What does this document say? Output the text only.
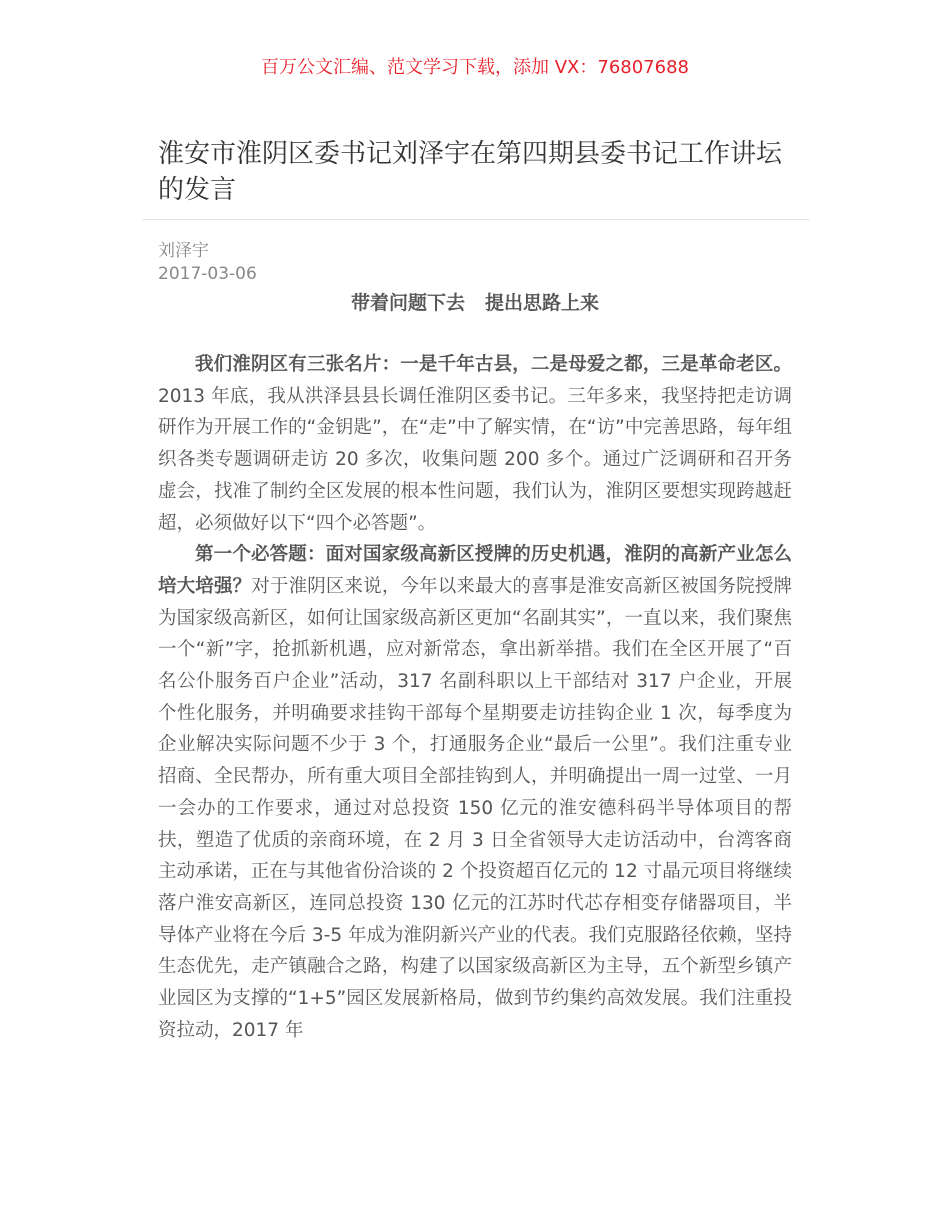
百万公文汇编、范文学习下载，添加 VX：76807688
淮安市淮阴区委书记刘泽宇在第四期县委书记工作讲坛的发言
刘泽宇
2017-03-06
带着问题下去 提出思路上来

我们淮阴区有三张名片：一是千年古县，二是母爱之都，三是革命老区。2013 年底，我从洪泽县县长调任淮阴区委书记。三年多来，我坚持把走访调研作为开展工作的“金钥匙”，在“走”中了解实情，在“访”中完善思路，每年组织各类专题调研走访 20 多次，收集问题 200 多个。通过广泛调研和召开务虚会，找准了制约全区发展的根本性问题，我们认为，淮阴区要想实现跨越赶超，必须做好以下“四个必答题”。

第一个必答题：面对国家级高新区授牌的历史机遇，淮阴的高新产业怎么培大培强？对于淮阴区来说，今年以来最大的喜事是淮安高新区被国务院授牌为国家级高新区，如何让国家级高新区更加“名副其实”，一直以来，我们聚焦一个“新”字，抢抓新机遇，应对新常态，拿出新举措。我们在全区开展了“百名公仆服务百户企业”活动，317 名副科职以上干部结对 317 户企业，开展个性化服务，并明确要求挂钩干部每个星期要走访挂钩企业 1 次，每季度为企业解决实际问题不少于 3 个，打通服务企业“最后一公里”。我们注重专业招商、全民帮办，所有重大项目全部挂钩到人，并明确提出一周一过堂、一月一会办的工作要求，通过对总投资 150 亿元的淮安德科码半导体项目的帮扶，塑造了优质的亲商环境，在 2 月 3 日全省领导大走访活动中，台湾客商主动承诺，正在与其他省份洽谈的 2 个投资超百亿元的 12 寸晶元项目将继续落户淮安高新区，连同总投资 130 亿元的江苏时代芯存相变存储器项目，半导体产业将在今后 3-5 年成为淮阴新兴产业的代表。我们克服路径依赖，坚持生态优先，走产镇融合之路，构建了以国家级高新区为主导，五个新型乡镇产业园区为支撑的“1+5”园区发展新格局，做到节约集约高效发展。我们注重投资拉动，2017 年
